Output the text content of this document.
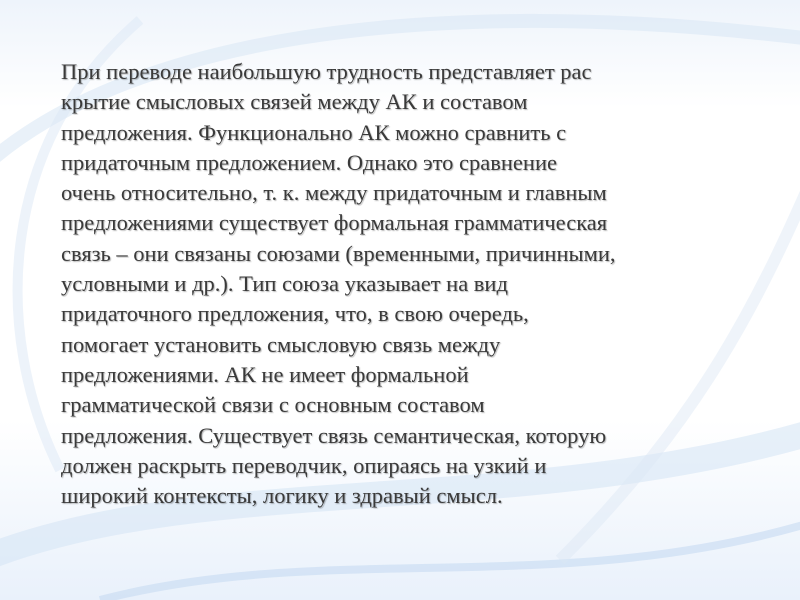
При переводе наибольшую трудность представляет рас
крытие смысловых связей между АК и составом
предложения. Функционально АК можно сравнить с
придаточным предложением. Однако это сравнение
очень относительно, т. к. между придаточным и главным
предложениями существует формальная грамматическая
связь – они связаны союзами (временными, причинными,
условными и др.). Тип союза указывает на вид
придаточного предложения, что, в свою очередь,
помогает установить смысловую связь между
предложениями. АК не имеет формальной
грамматической связи с основным составом
предложения. Существует связь семантическая, которую
должен раскрыть переводчик, опираясь на узкий и
широкий контексты, логику и здравый смысл.
